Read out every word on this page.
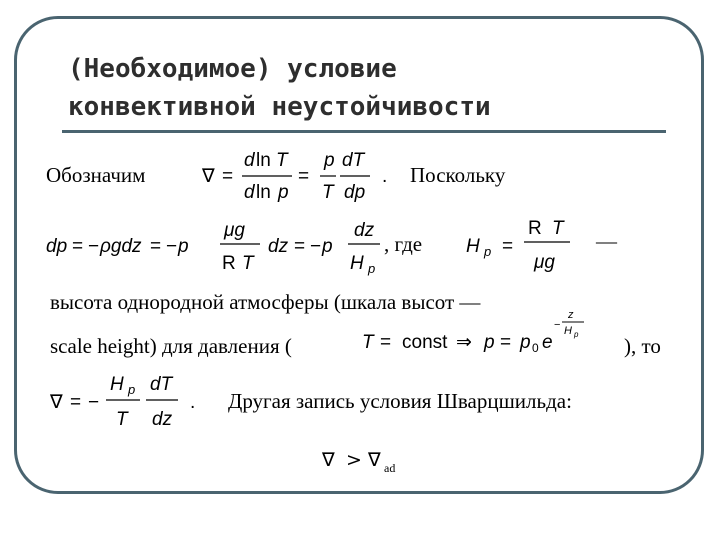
(Необходимое) условие
конвективной неустойчивости
Обозначим	∇ =
d ln T
d ln p
=
p
T
dT
dp
. Поскольку
dp = − ρgdz = − p
μg
R T
dz = − p
dz
H p
, где H p =
R T
μg
—
высота однородной атмосферы (шкала высот —
scale height) для давления (	T = const ⇒ p = p 0 e
−
z
H p ), то
∇ = −
H p
T
dT
dz
. Другая запись условия Шварцшильда:
∇ > ∇ ad
